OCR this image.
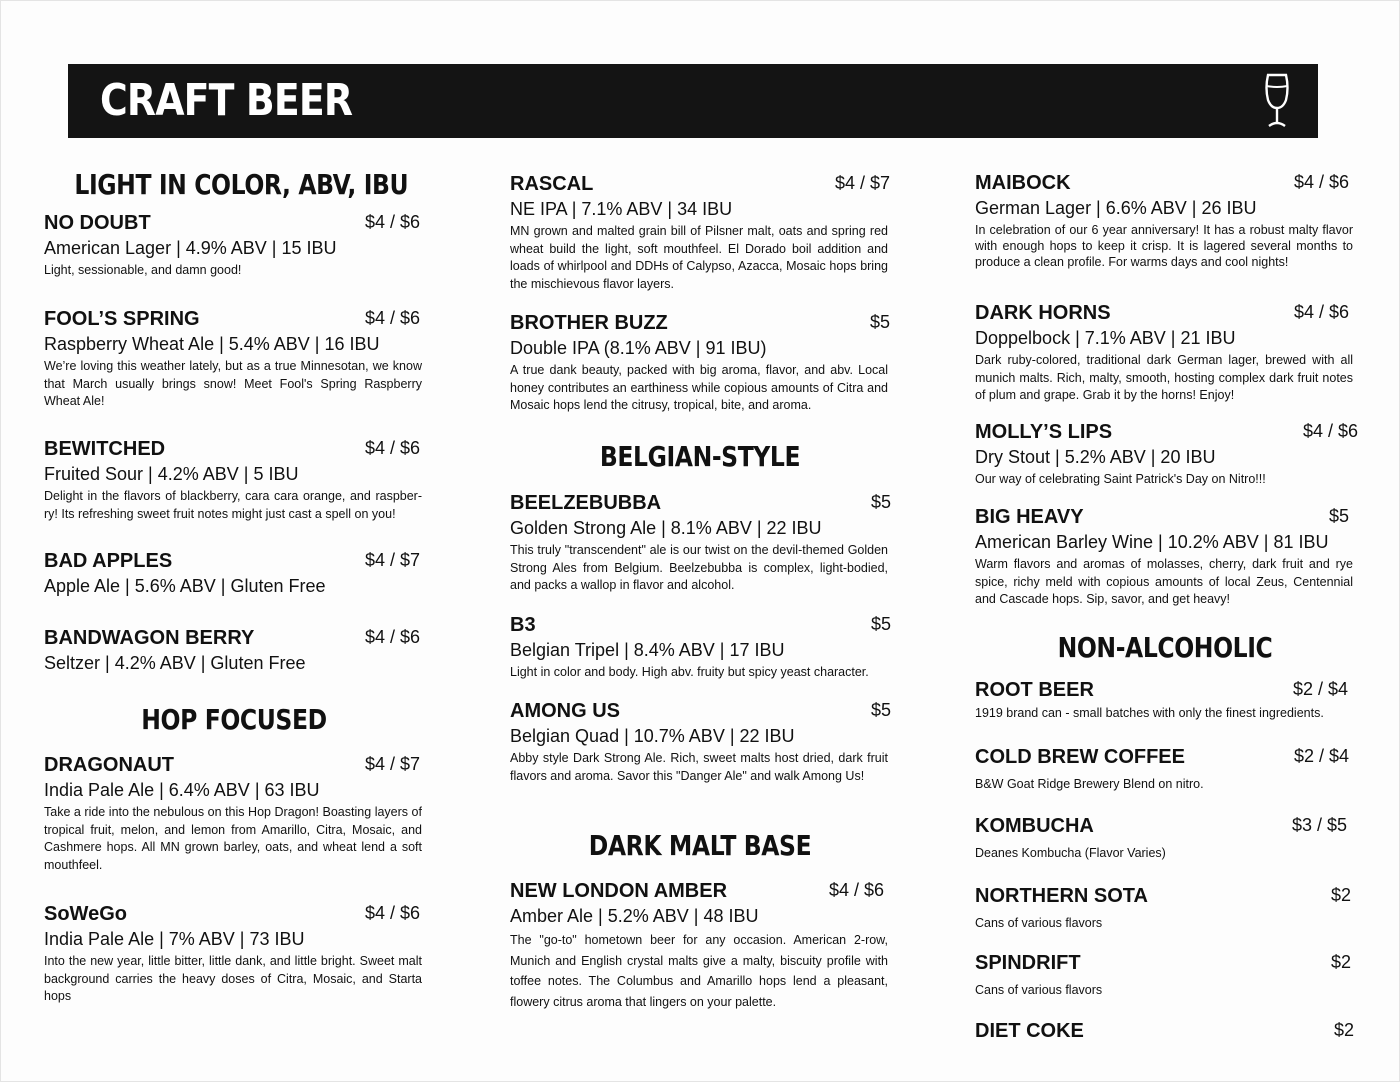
CRAFT BEER
LIGHT IN COLOR, ABV, IBU
NO DOUBT	$4 / $6
American Lager | 4.9% ABV | 15 IBU
Light, sessionable, and damn good!
FOOL’S SPRING	$4 / $6
Raspberry Wheat Ale | 5.4% ABV | 16 IBU
We’re loving this weather lately, but as a true Minnesotan, we know that March usually brings snow! Meet Fool's Spring Raspberry Wheat Ale!
BEWITCHED	$4 / $6
Fruited Sour | 4.2% ABV | 5 IBU
Delight in the flavors of blackberry, cara cara orange, and raspber-ry! Its refreshing sweet fruit notes might just cast a spell on you!
BAD APPLES	$4 / $7
Apple Ale | 5.6% ABV | Gluten Free
BANDWAGON BERRY	$4 / $6
Seltzer | 4.2% ABV | Gluten Free
HOP FOCUSED
DRAGONAUT	$4 / $7
India Pale Ale | 6.4% ABV | 63 IBU
Take a ride into the nebulous on this Hop Dragon! Boasting layers of tropical fruit, melon, and lemon from Amarillo, Citra, Mosaic, and Cashmere hops. All MN grown barley, oats, and wheat lend a soft mouthfeel.
SoWeGo	$4 / $6
India Pale Ale | 7% ABV | 73 IBU
Into the new year, little bitter, little dank, and little bright. Sweet malt background carries the heavy doses of Citra, Mosaic, and Starta hops
RASCAL	$4 / $7
NE IPA | 7.1% ABV | 34 IBU
MN grown and malted grain bill of Pilsner malt, oats and spring red wheat build the light, soft mouthfeel. El Dorado boil addition and loads of whirlpool and DDHs of Calypso, Azacca, Mosaic hops bring the mischievous flavor layers.
BROTHER BUZZ	$5
Double IPA (8.1% ABV | 91 IBU)
A true dank beauty, packed with big aroma, flavor, and abv. Local honey contributes an earthiness while copious amounts of Citra and Mosaic hops lend the citrusy, tropical, bite, and aroma.
BELGIAN-STYLE
BEELZEBUBBA	$5
Golden Strong Ale | 8.1% ABV | 22 IBU
This truly "transcendent" ale is our twist on the devil-themed Golden Strong Ales from Belgium. Beelzebubba is complex, light-bodied, and packs a wallop in flavor and alcohol.
B3	$5
Belgian Tripel | 8.4% ABV | 17 IBU
Light in color and body. High abv. fruity but spicy yeast character.
AMONG US	$5
Belgian Quad | 10.7% ABV | 22 IBU
Abby style Dark Strong Ale. Rich, sweet malts host dried, dark fruit flavors and aroma. Savor this "Danger Ale" and walk Among Us!
DARK MALT BASE
NEW LONDON AMBER	$4 / $6
Amber Ale | 5.2% ABV | 48 IBU
The "go-to" hometown beer for any occasion. American 2-row, Munich and English crystal malts give a malty, biscuity profile with toffee notes. The Columbus and Amarillo hops lend a pleasant, flowery citrus aroma that lingers on your palette.
MAIBOCK	$4 / $6
German Lager | 6.6% ABV | 26 IBU
In celebration of our 6 year anniversary! It has a robust malty flavor with enough hops to keep it crisp. It is lagered several months to produce a clean profile. For warms days and cool nights!
DARK HORNS	$4 / $6
Doppelbock | 7.1% ABV | 21 IBU
Dark ruby-colored, traditional dark German lager, brewed with all munich malts. Rich, malty, smooth, hosting complex dark fruit notes of plum and grape. Grab it by the horns! Enjoy!
MOLLY’S LIPS	$4 / $6
Dry Stout | 5.2% ABV | 20 IBU
Our way of celebrating Saint Patrick's Day on Nitro!!!
BIG HEAVY	$5
American Barley Wine | 10.2% ABV | 81 IBU
Warm flavors and aromas of molasses, cherry, dark fruit and rye spice, richy meld with copious amounts of local Zeus, Centennial and Cascade hops. Sip, savor, and get heavy!
NON-ALCOHOLIC
ROOT BEER	$2 / $4
1919 brand can - small batches with only the finest ingredients.
COLD BREW COFFEE	$2 / $4
B&W Goat Ridge Brewery Blend on nitro.
KOMBUCHA	$3 / $5
Deanes Kombucha (Flavor Varies)
NORTHERN SOTA	$2
Cans of various flavors
SPINDRIFT	$2
Cans of various flavors
DIET COKE	$2
